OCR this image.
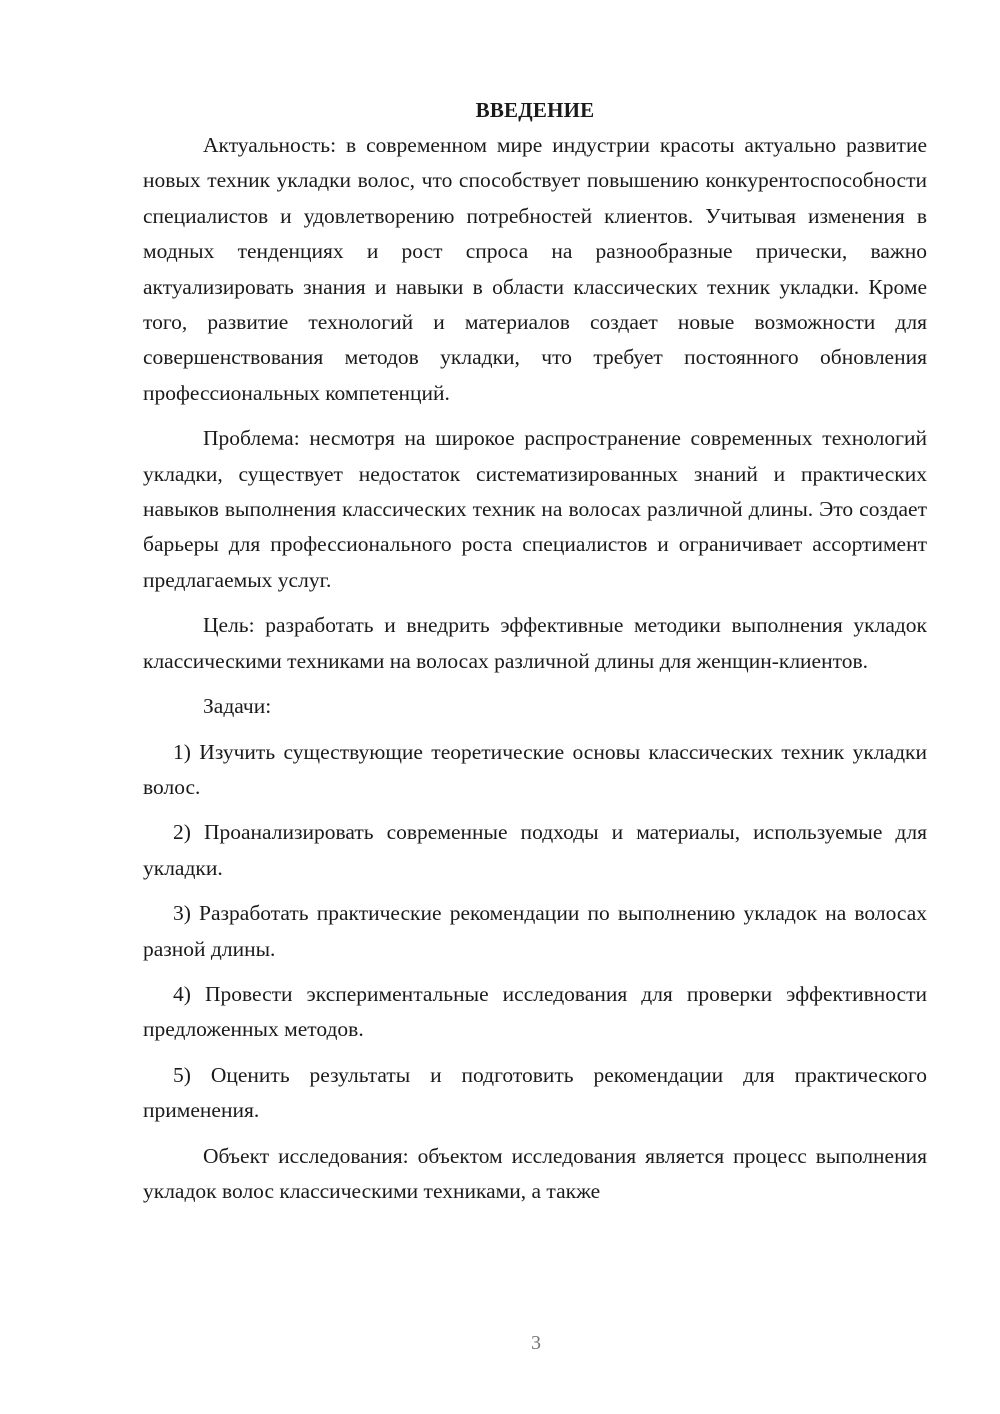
ВВЕДЕНИЕ

Актуальность: в современном мире индустрии красоты актуально развитие новых техник укладки волос, что способствует повышению конкурентоспособности специалистов и удовлетворению потребностей клиентов. Учитывая изменения в модных тенденциях и рост спроса на разнообразные прически, важно актуализировать знания и навыки в области классических техник укладки. Кроме того, развитие технологий и материалов создает новые возможности для совершенствования методов укладки, что требует постоянного обновления профессиональных компетенций.

Проблема: несмотря на широкое распространение современных технологий укладки, существует недостаток систематизированных знаний и практических навыков выполнения классических техник на волосах различной длины. Это создает барьеры для профессионального роста специалистов и ограничивает ассортимент предлагаемых услуг.

Цель: разработать и внедрить эффективные методики выполнения укладок классическими техниками на волосах различной длины для женщин-клиентов.

Задачи:

1) Изучить существующие теоретические основы классических техник укладки волос.

2) Проанализировать современные подходы и материалы, используемые для укладки.

3) Разработать практические рекомендации по выполнению укладок на волосах разной длины.

4) Провести экспериментальные исследования для проверки эффективности предложенных методов.

5) Оценить результаты и подготовить рекомендации для практического применения.

Объект исследования: объектом исследования является процесс выполнения укладок волос классическими техниками, а также

3
